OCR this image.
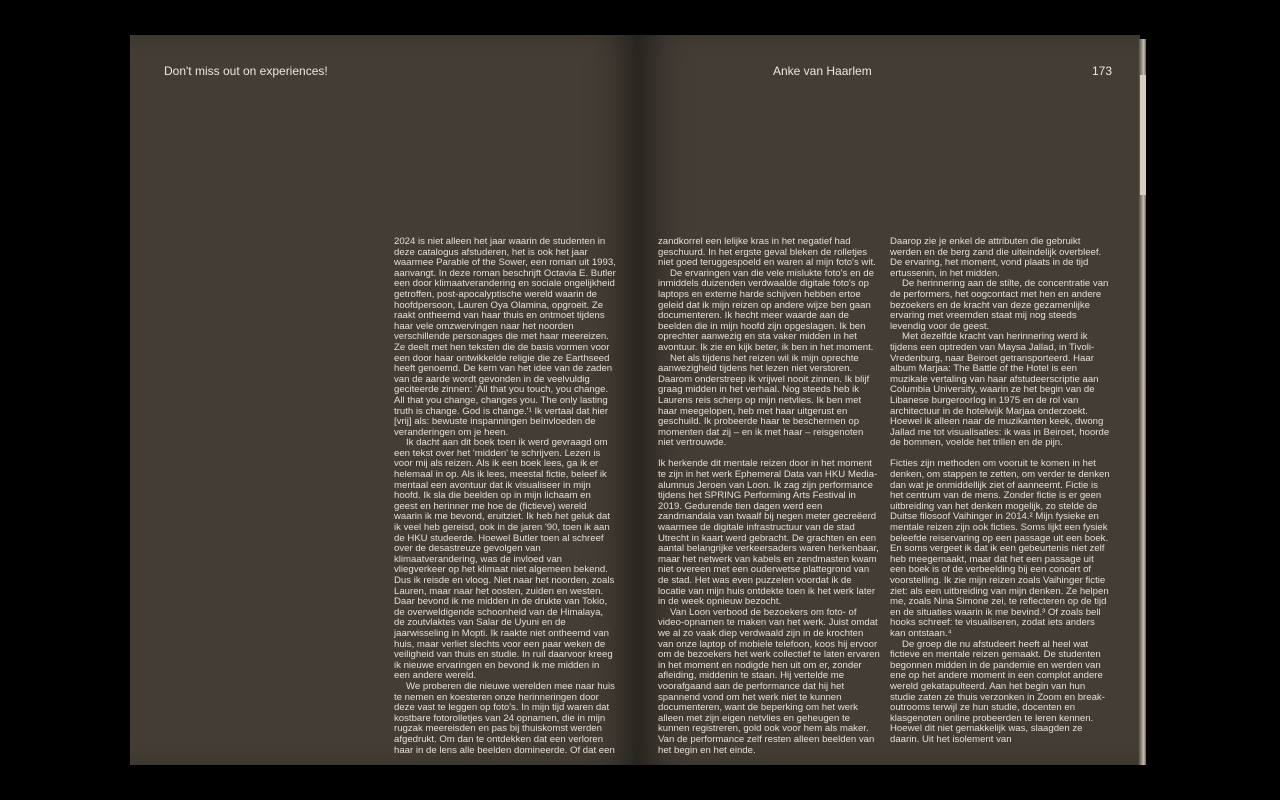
Don't miss out on experiences!

2024 is niet alleen het jaar waarin de studenten in deze catalogus afstuderen, het is ook het jaar waarmee Parable of the Sower, een roman uit 1993, aanvangt. In deze roman beschrijft Octavia E. Butler een door klimaatverandering en sociale ongelijkheid getroffen, post-apocalyptische wereld waarin de hoofdpersoon, Lauren Oya Olamina, opgroeit. Ze raakt ontheemd van haar thuis en ontmoet tijdens haar vele omzwervingen naar het noorden verschillende personages die met haar meereizen. Ze deelt met hen teksten die de basis vormen voor een door haar ontwikkelde religie die ze Earthseed heeft genoemd. De kern van het idee van de zaden van de aarde wordt gevonden in de veelvuldig geciteerde zinnen: 'All that you touch, you change. All that you change, changes you. The only lasting truth is change. God is change.'¹ Ik vertaal dat hier [vrij] als: bewuste inspanningen beïnvloeden de veranderingen om je heen.

Ik dacht aan dit boek toen ik werd gevraagd om een tekst over het 'midden' te schrijven. Lezen is voor mij als reizen. Als ik een boek lees, ga ik er helemaal in op. Als ik lees, meestal fictie, beleef ik mentaal een avontuur dat ik visualiseer in mijn hoofd. Ik sla die beelden op in mijn lichaam en geest en herinner me hoe de (fictieve) wereld waarin ik me bevond, eruitziet. Ik heb het geluk dat ik veel heb gereisd, ook in de jaren '90, toen ik aan de HKU studeerde. Hoewel Butler toen al schreef over de desastreuze gevolgen van klimaatverandering, was de invloed van vliegverkeer op het klimaat niet algemeen bekend. Dus ik reisde en vloog. Niet naar het noorden, zoals Lauren, maar naar het oosten, zuiden en westen. Daar bevond ik me midden in de drukte van Tokio, de overweldigende schoonheid van de Himalaya, de zoutvlaktes van Salar de Uyuni en de jaarwisseling in Mopti. Ik raakte niet ontheemd van huis, maar verliet slechts voor een paar weken de veiligheid van thuis en studie. In ruil daarvoor kreeg ik nieuwe ervaringen en bevond ik me midden in een andere wereld.

We proberen die nieuwe werelden mee naar huis te nemen en koesteren onze herinneringen door deze vast te leggen op foto's. In mijn tijd waren dat kostbare fotorolletjes van 24 opnamen, die in mijn rugzak meereisden en pas bij thuiskomst werden afgedrukt. Om dan te ontdekken dat een verloren haar in de lens alle beelden domineerde. Of dat een

Anke van Haarlem	173

zandkorrel een lelijke kras in het negatief had geschuurd. In het ergste geval bleken de rolletjes niet goed teruggespoeld en waren al mijn foto's wit.

De ervaringen van die vele mislukte foto's en de inmiddels duizenden verdwaalde digitale foto's op laptops en externe harde schijven hebben ertoe geleid dat ik mijn reizen op andere wijze ben gaan documenteren. Ik hecht meer waarde aan de beelden die in mijn hoofd zijn opgeslagen. Ik ben oprechter aanwezig en sta vaker midden in het avontuur. Ik zie en kijk beter, ik ben in het moment.

Net als tijdens het reizen wil ik mijn oprechte aanwezigheid tijdens het lezen niet verstoren. Daarom onderstreep ik vrijwel nooit zinnen. Ik blijf graag midden in het verhaal. Nog steeds heb ik Laurens reis scherp op mijn netvlies. Ik ben met haar meegelopen, heb met haar uitgerust en geschuild. Ik probeerde haar te beschermen op momenten dat zij – en ik met haar – reisgenoten niet vertrouwde.

Ik herkende dit mentale reizen door in het moment te zijn in het werk Ephemeral Data van HKU Media-alumnus Jeroen van Loon. Ik zag zijn performance tijdens het SPRING Performing Arts Festival in 2019. Gedurende tien dagen werd een zandmandala van twaalf bij negen meter gecreëerd waarmee de digitale infrastructuur van de stad Utrecht in kaart werd gebracht. De grachten en een aantal belangrijke verkeersaders waren herkenbaar, maar het netwerk van kabels en zendmasten kwam niet overeen met een ouderwetse plattegrond van de stad. Het was even puzzelen voordat ik de locatie van mijn huis ontdekte toen ik het werk later in de week opnieuw bezocht.

Van Loon verbood de bezoekers om foto- of video-opnamen te maken van het werk. Juist omdat we al zo vaak diep verdwaald zijn in de krochten van onze laptop of mobiele telefoon, koos hij ervoor om de bezoekers het werk collectief te laten ervaren in het moment en nodigde hen uit om er, zonder afleiding, middenin te staan. Hij vertelde me voorafgaand aan de performance dat hij het spannend vond om het werk niet te kunnen documenteren, want de beperking om het werk alleen met zijn eigen netvlies en geheugen te kunnen registreren, gold ook voor hem als maker. Van de performance zelf resten alleen beelden van het begin en het einde.

Daarop zie je enkel de attributen die gebruikt werden en de berg zand die uiteindelijk overbleef. De ervaring, het moment, vond plaats in de tijd ertussenin, in het midden.

De herinnering aan de stilte, de concentratie van de performers, het oogcontact met hen en andere bezoekers en de kracht van deze gezamenlijke ervaring met vreemden staat mij nog steeds levendig voor de geest.

Met dezelfde kracht van herinnering werd ik tijdens een optreden van Maysa Jallad, in Tivoli-Vredenburg, naar Beiroet getransporteerd. Haar album Marjaa: The Battle of the Hotel is een muzikale vertaling van haar afstudeerscriptie aan Columbia University, waarin ze het begin van de Libanese burgeroorlog in 1975 en de rol van architectuur in de hotelwijk Marjaa onderzoekt. Hoewel ik alleen naar de muzikanten keek, dwong Jallad me tot visualisaties: ik was in Beiroet, hoorde de bommen, voelde het trillen en de pijn.

Ficties zijn methoden om vooruit te komen in het denken, om stappen te zetten, om verder te denken dan wat je onmiddellijk ziet of aanneemt. Fictie is het centrum van de mens. Zonder fictie is er geen uitbreiding van het denken mogelijk, zo stelde de Duitse filosoof Vaihinger in 2014.² Mijn fysieke en mentale reizen zijn ook ficties. Soms lijkt een fysiek beleefde reiservaring op een passage uit een boek. En soms vergeet ik dat ik een gebeurtenis niet zelf heb meegemaakt, maar dat het een passage uit een boek is of de verbeelding bij een concert of voorstelling. Ik zie mijn reizen zoals Vaihinger fictie ziet: als een uitbreiding van mijn denken. Ze helpen me, zoals Nina Simone zei, te reflecteren op de tijd en de situaties waarin ik me bevind.³ Of zoals bell hooks schreef: te visualiseren, zodat iets anders kan ontstaan.⁴

De groep die nu afstudeert heeft al heel wat fictieve en mentale reizen gemaakt. De studenten begonnen midden in de pandemie en werden van ene op het andere moment in een complot andere wereld gekatapulteerd. Aan het begin van hun studie zaten ze thuis verzonken in Zoom en break-outrooms terwijl ze hun studie, docenten en klasgenoten online probeerden te leren kennen. Hoewel dit niet gemakkelijk was, slaagden ze daarin. Uit het isolement van
